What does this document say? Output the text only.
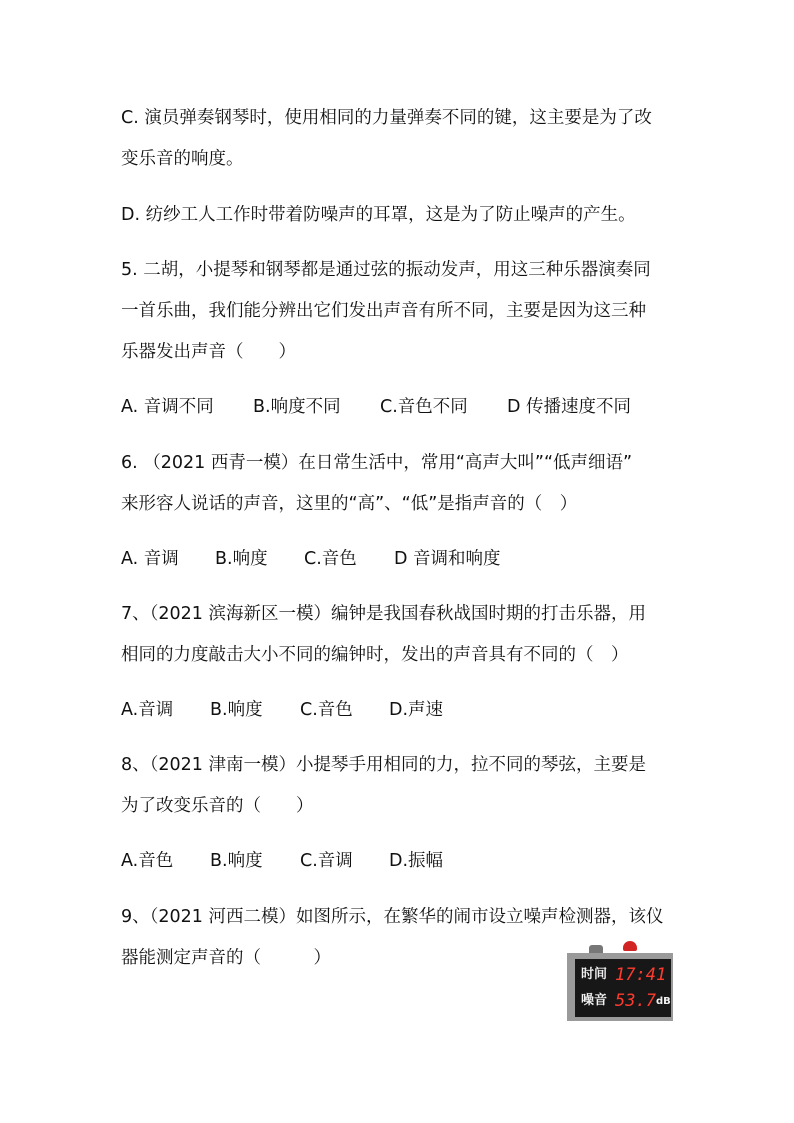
C. 演员弹奏钢琴时，使用相同的力量弹奏不同的键，这主要是为了改
变乐音的响度。
D. 纺纱工人工作时带着防噪声的耳罩，这是为了防止噪声的产生。
5. 二胡，小提琴和钢琴都是通过弦的振动发声，用这三种乐器演奏同
一首乐曲，我们能分辨出它们发出声音有所不同，主要是因为这三种
乐器发出声音（　　）
A. 音调不同 B.响度不同 C.音色不同 D 传播速度不同
6. （2021 西青一模）在日常生活中，常用“高声大叫”“低声细语”
来形容人说话的声音，这里的“高”、“低”是指声音的（　）
A. 音调 B.响度 C.音色 D 音调和响度
7、（2021 滨海新区一模）编钟是我国春秋战国时期的打击乐器，用
相同的力度敲击大小不同的编钟时，发出的声音具有不同的（　）
A.音调 B.响度 C.音色 D.声速
8、（2021 津南一模）小提琴手用相同的力，拉不同的琴弦，主要是
为了改变乐音的（　　）
A.音色 B.响度 C.音调 D.振幅
9、（2021 河西二模）如图所示，在繁华的闹市设立噪声检测器，该仪
器能测定声音的（　　　）
时间 17:41
噪音 53.7 dB
